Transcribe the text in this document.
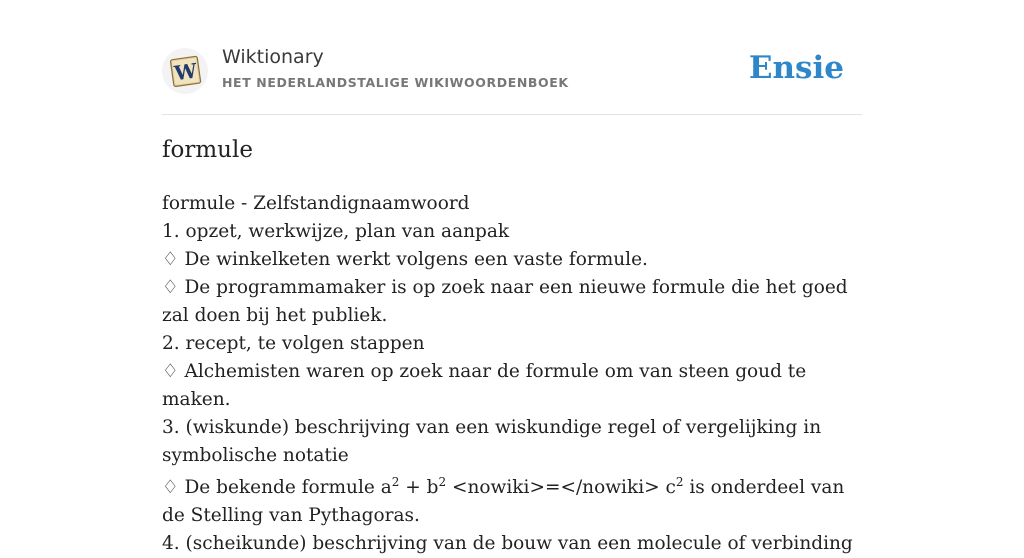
W
Wiktionary
HET NEDERLANDSTALIGE WIKIWOORDENBOEK	Ensie
formule

formule - Zelfstandignaamwoord

1. opzet, werkwijze, plan van aanpak

♢ De winkelketen werkt volgens een vaste formule.

♢ De programmamaker is op zoek naar een nieuwe formule die het goed zal doen bij het publiek.

2. recept, te volgen stappen

♢ Alchemisten waren op zoek naar de formule om van steen goud te maken.

3. (wiskunde) beschrijving van een wiskundige regel of vergelijking in symbolische notatie

♢ De bekende formule $a^2 + b^2$ <nowiki>=</nowiki> $c^2$ is onderdeel van de Stelling van Pythagoras.

4. (scheikunde) beschrijving van de bouw van een molecule of verbinding
